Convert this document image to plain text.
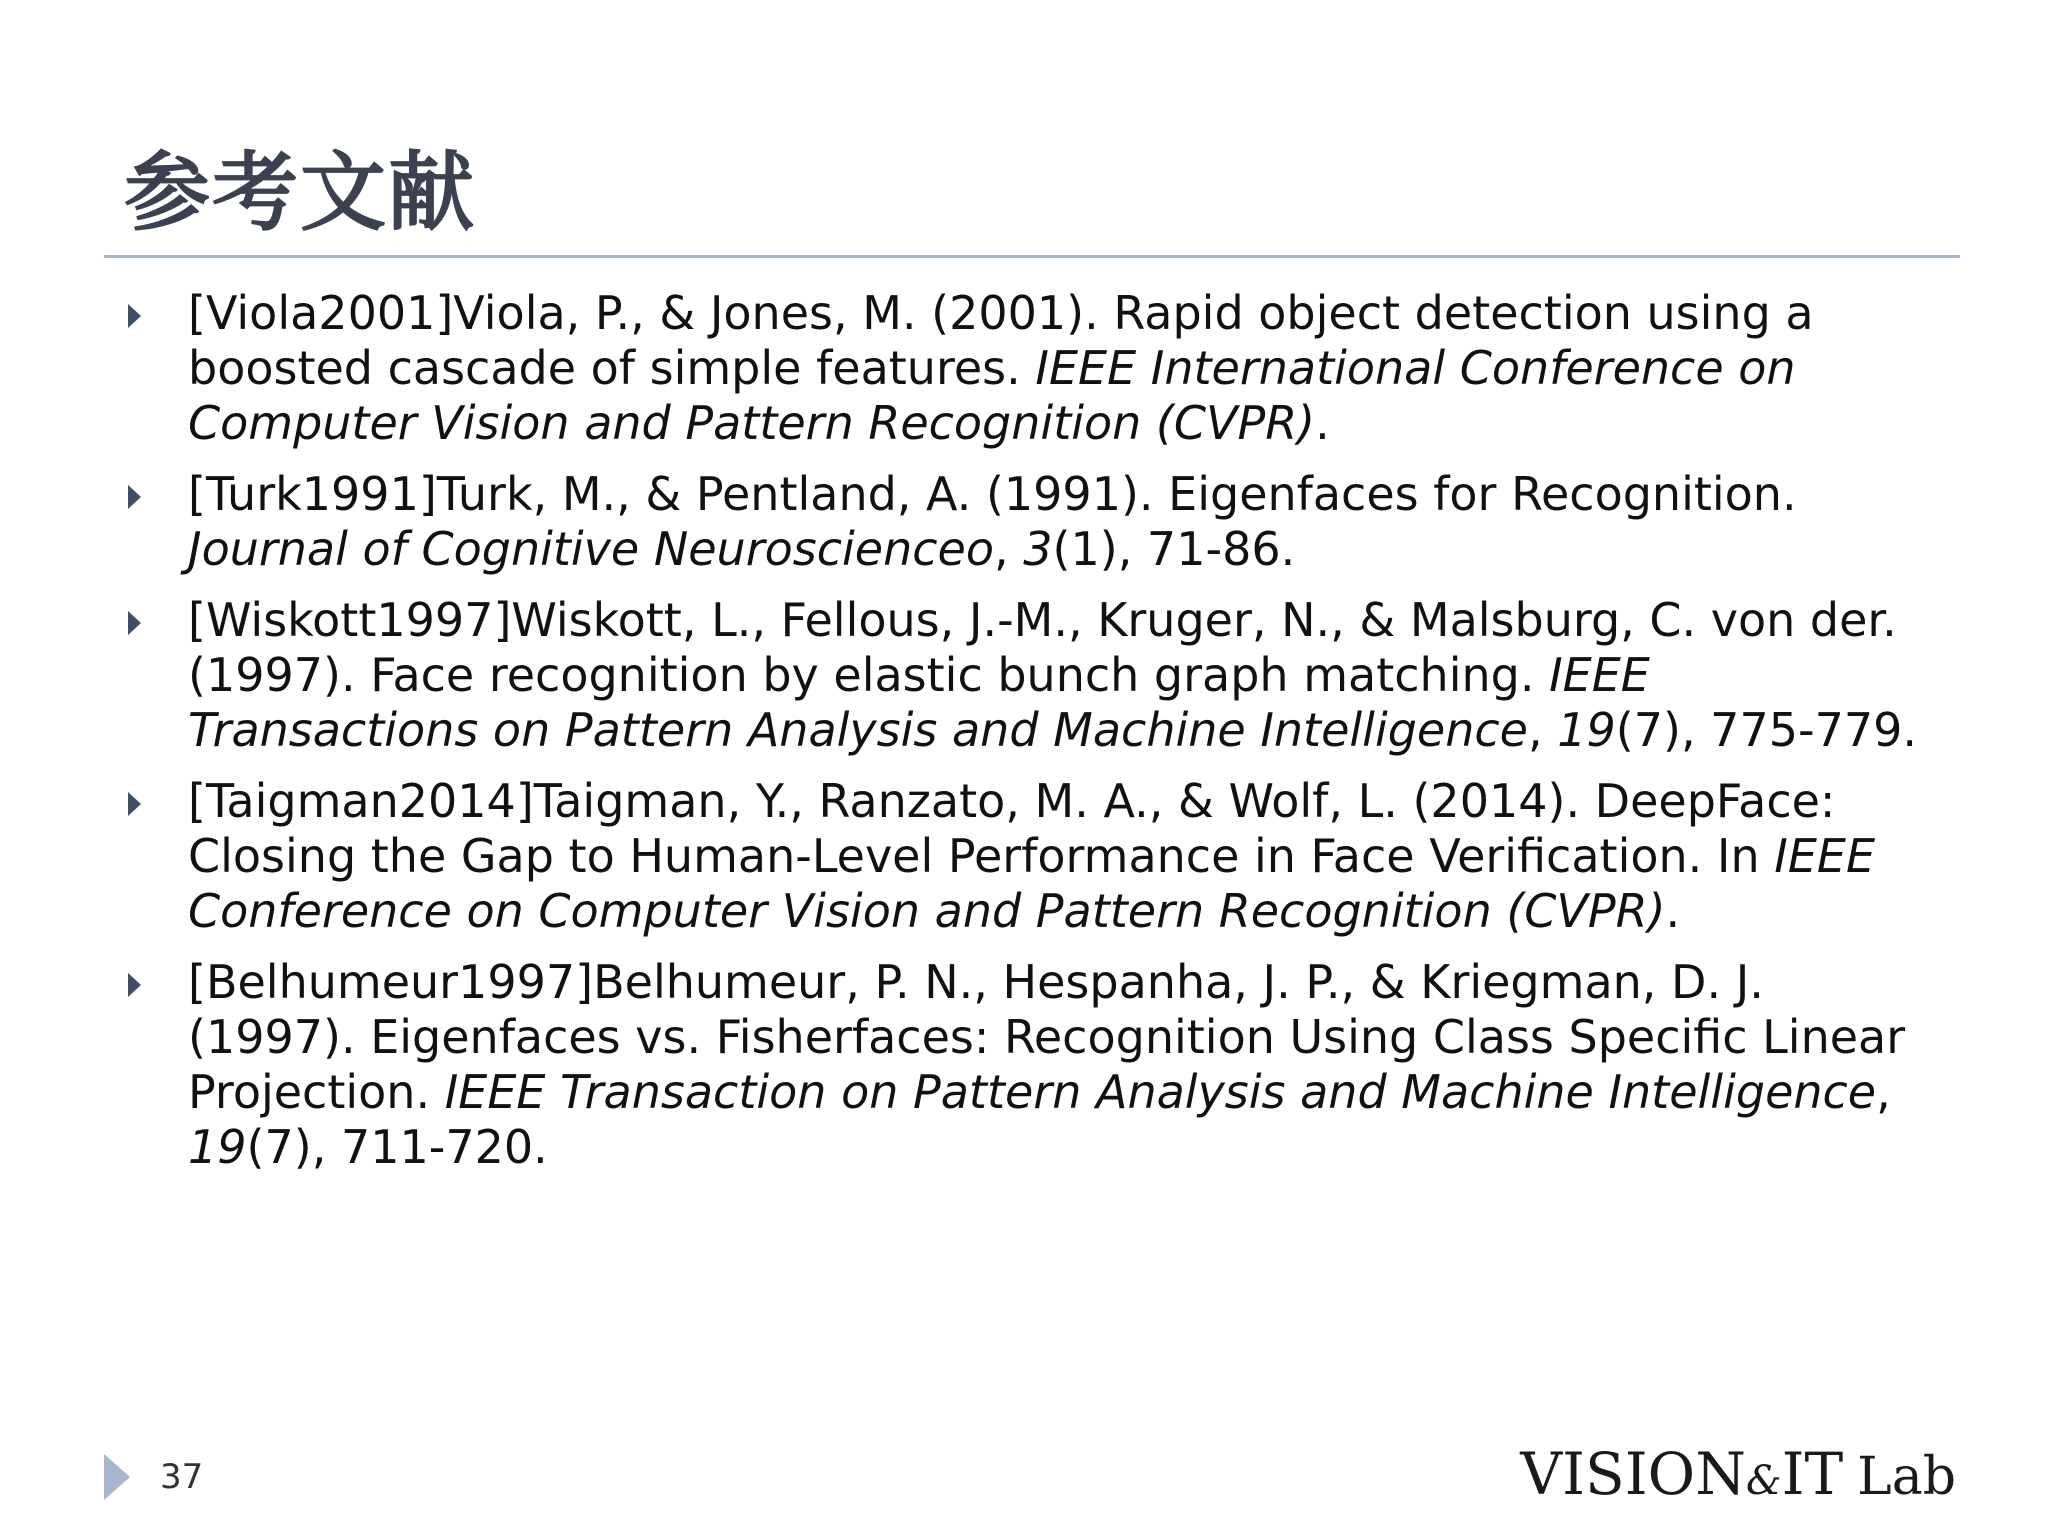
参考文献
[Viola2001]Viola, P., & Jones, M. (2001). Rapid object detection using a boosted cascade of simple features. IEEE International Conference on Computer Vision and Pattern Recognition (CVPR).
[Turk1991]Turk, M., & Pentland, A. (1991). Eigenfaces for Recognition. Journal of Cognitive Neuroscienceo, 3(1), 71-86.
[Wiskott1997]Wiskott, L., Fellous, J.-M., Kruger, N., & Malsburg, C. von der. (1997). Face recognition by elastic bunch graph matching. IEEE Transactions on Pattern Analysis and Machine Intelligence, 19(7), 775-779.
[Taigman2014]Taigman, Y., Ranzato, M. A., & Wolf, L. (2014). DeepFace: Closing the Gap to Human-Level Performance in Face Verification. In IEEE Conference on Computer Vision and Pattern Recognition (CVPR).
[Belhumeur1997]Belhumeur, P. N., Hespanha, J. P., & Kriegman, D. J. (1997). Eigenfaces vs. Fisherfaces: Recognition Using Class Specific Linear Projection. IEEE Transaction on Pattern Analysis and Machine Intelligence, 19(7), 711-720.
37	VISION&IT Lab
